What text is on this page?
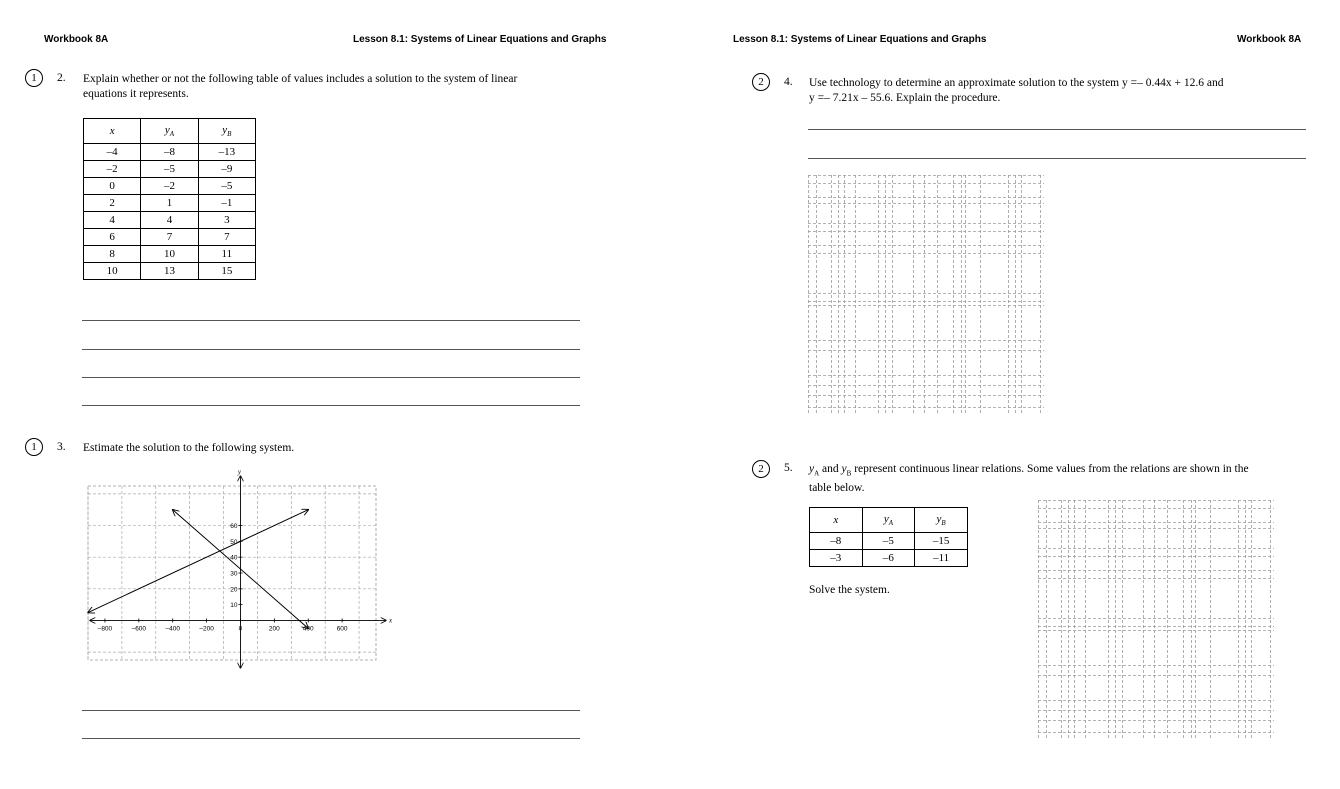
Workbook 8A	Lesson 8.1: Systems of Linear Equations and Graphs
1	2. Explain whether or not the following table of values includes a solution to the system of linear
equations it represents.
x	$y_A$	$y_B$
–4	–8	–13
–2	–5	–9
0	–2	–5
2	1	–1
4	4	3
6	7	7
8	10	11
10	13	15
1	3. Estimate the solution to the following system.
–800	–600	–400	–200	0	200	400	600
10
20
30
40
50
60
x
y
Lesson 8.1: Systems of Linear Equations and Graphs	Workbook 8A
2	4. Use technology to determine an approximate solution to the system y =– 0.44x + 12.6 and
y =– 7.21x – 55.6. Explain the procedure.
2	5. $y_A$ and $y_B$ represent continuous linear relations. Some values from the relations are shown in the
table below.
x	$y_A$	$y_B$
–8	–5	–15
–3	–6	–11
Solve the system.
